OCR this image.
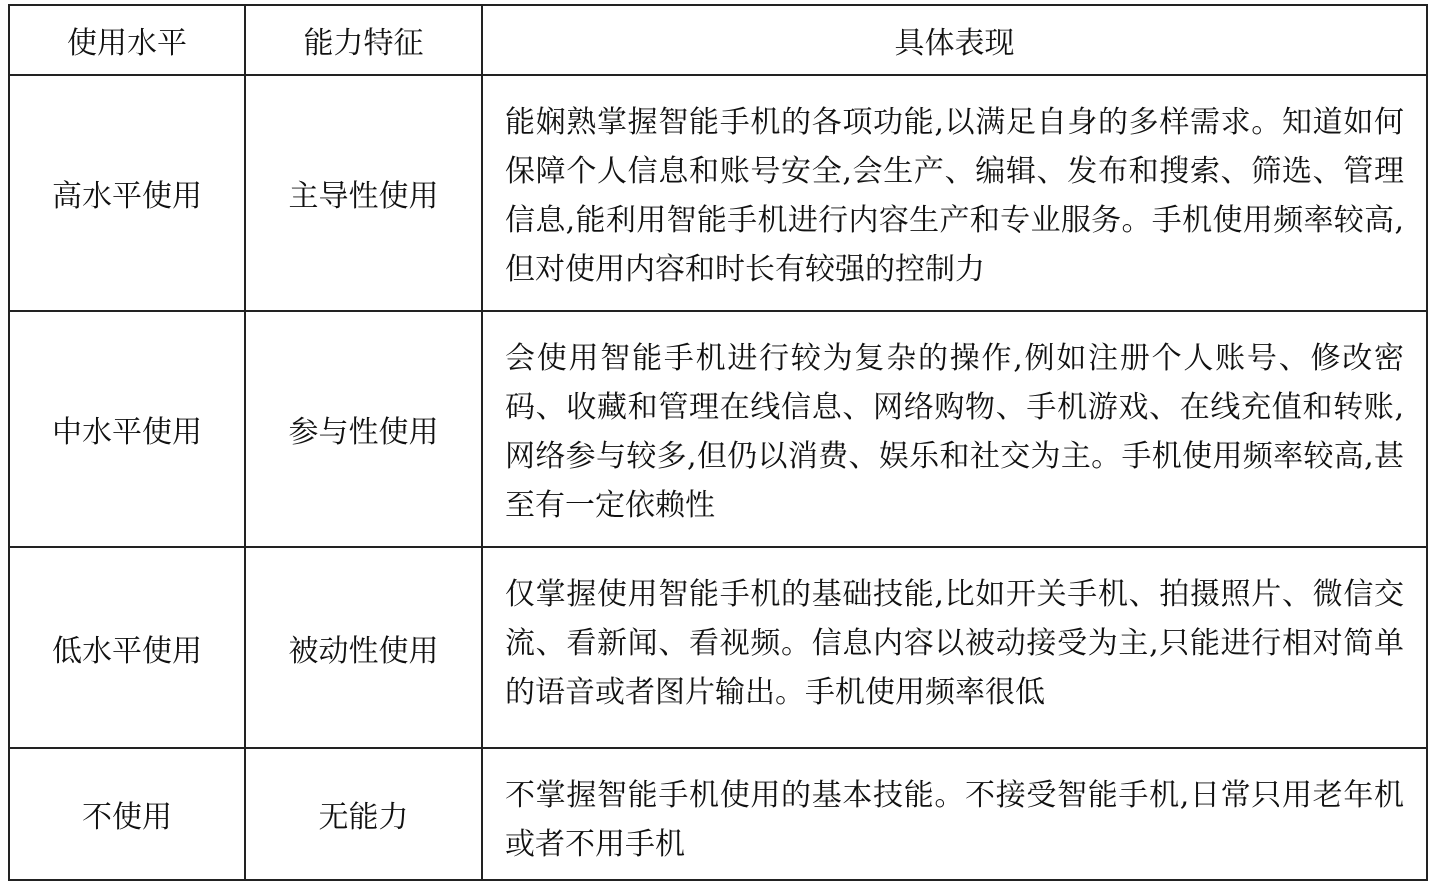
使用水平	能力特征	具体表现
高水平使用	主导性使用	能娴熟掌握智能手机的各项功能,以满足自身的多样需求。知道如何保障个人信息和账号安全,会生产、编辑、发布和搜索、筛选、管理信息,能利用智能手机进行内容生产和专业服务。手机使用频率较高,但对使用内容和时长有较强的控制力
中水平使用	参与性使用	会使用智能手机进行较为复杂的操作,例如注册个人账号、修改密码、收藏和管理在线信息、网络购物、手机游戏、在线充值和转账,网络参与较多,但仍以消费、娱乐和社交为主。手机使用频率较高,甚至有一定依赖性
低水平使用	被动性使用	仅掌握使用智能手机的基础技能,比如开关手机、拍摄照片、微信交流、看新闻、看视频。信息内容以被动接受为主,只能进行相对简单的语音或者图片输出。手机使用频率很低
不使用	无能力	不掌握智能手机使用的基本技能。不接受智能手机,日常只用老年机或者不用手机
